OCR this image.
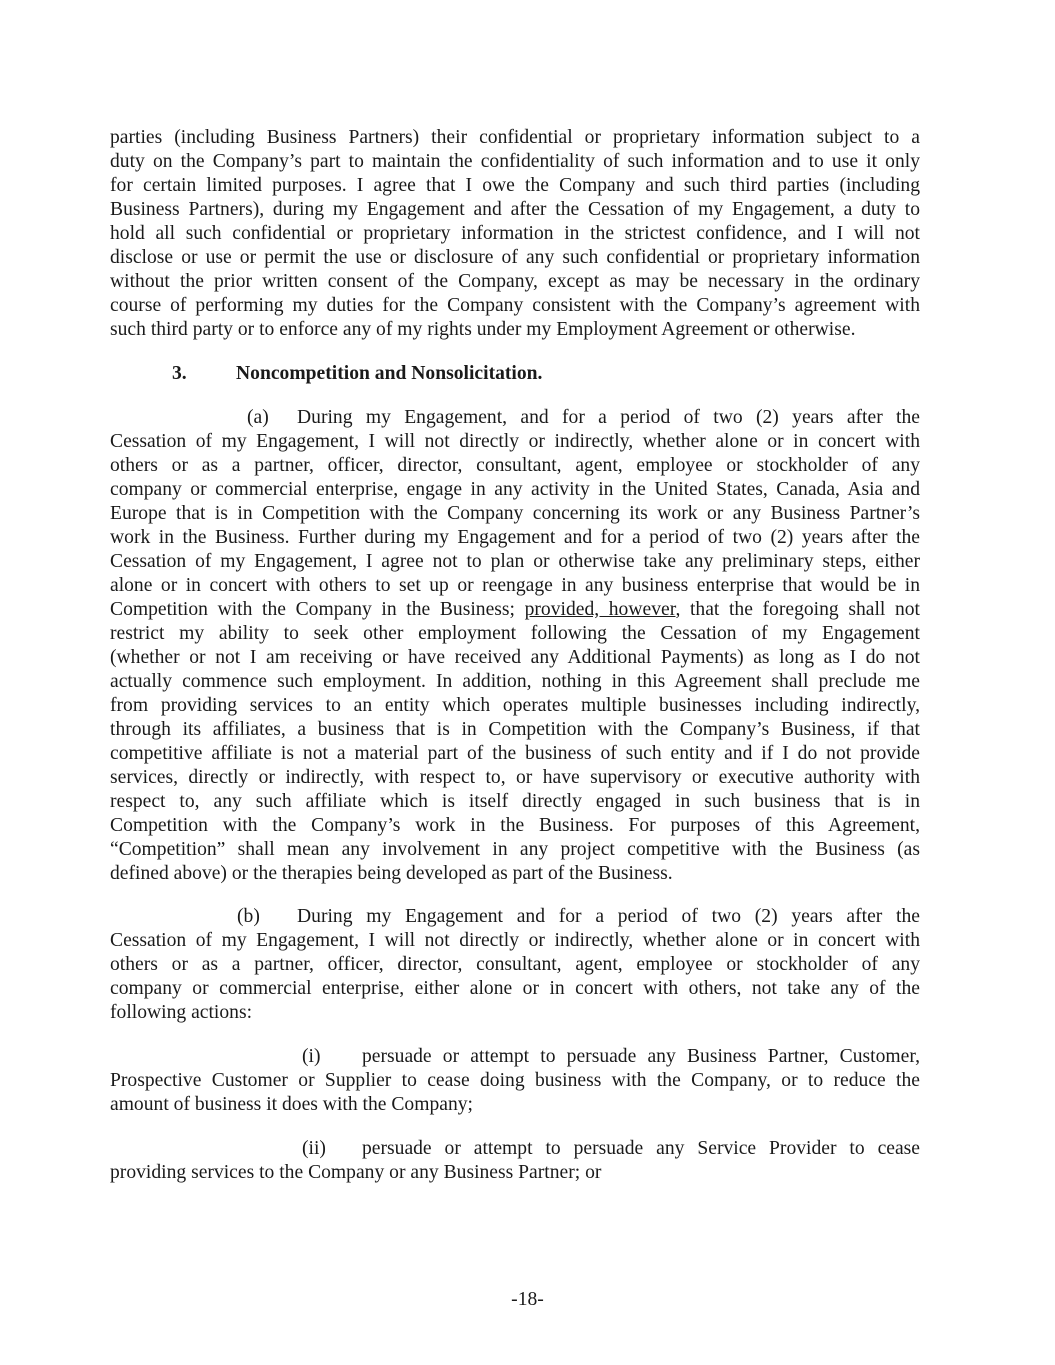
parties (including Business Partners) their confidential or proprietary information subject to a
duty on the Company’s part to maintain the confidentiality of such information and to use it only
for certain limited purposes. I agree that I owe the Company and such third parties (including
Business Partners), during my Engagement and after the Cessation of my Engagement, a duty to
hold all such confidential or proprietary information in the strictest confidence, and I will not
disclose or use or permit the use or disclosure of any such confidential or proprietary information
without the prior written consent of the Company, except as may be necessary in the ordinary
course of performing my duties for the Company consistent with the Company’s agreement with
such third party or to enforce any of my rights under my Employment Agreement or otherwise.
3.	Noncompetition and Nonsolicitation.
(a) During my Engagement, and for a period of two (2) years after the
Cessation of my Engagement, I will not directly or indirectly, whether alone or in concert with
others or as a partner, officer, director, consultant, agent, employee or stockholder of any
company or commercial enterprise, engage in any activity in the United States, Canada, Asia and
Europe that is in Competition with the Company concerning its work or any Business Partner’s
work in the Business. Further during my Engagement and for a period of two (2) years after the
Cessation of my Engagement, I agree not to plan or otherwise take any preliminary steps, either
alone or in concert with others to set up or reengage in any business enterprise that would be in
Competition with the Company in the Business; provided, however, that the foregoing shall not
restrict my ability to seek other employment following the Cessation of my Engagement
(whether or not I am receiving or have received any Additional Payments) as long as I do not
actually commence such employment. In addition, nothing in this Agreement shall preclude me
from providing services to an entity which operates multiple businesses including indirectly,
through its affiliates, a business that is in Competition with the Company’s Business, if that
competitive affiliate is not a material part of the business of such entity and if I do not provide
services, directly or indirectly, with respect to, or have supervisory or executive authority with
respect to, any such affiliate which is itself directly engaged in such business that is in
Competition with the Company’s work in the Business. For purposes of this Agreement,
“Competition” shall mean any involvement in any project competitive with the Business (as
defined above) or the therapies being developed as part of the Business.
(b) During my Engagement and for a period of two (2) years after the
Cessation of my Engagement, I will not directly or indirectly, whether alone or in concert with
others or as a partner, officer, director, consultant, agent, employee or stockholder of any
company or commercial enterprise, either alone or in concert with others, not take any of the
following actions:
(i) persuade or attempt to persuade any Business Partner, Customer,
Prospective Customer or Supplier to cease doing business with the Company, or to reduce the
amount of business it does with the Company;
(ii) persuade or attempt to persuade any Service Provider to cease
providing services to the Company or any Business Partner; or
-18-
